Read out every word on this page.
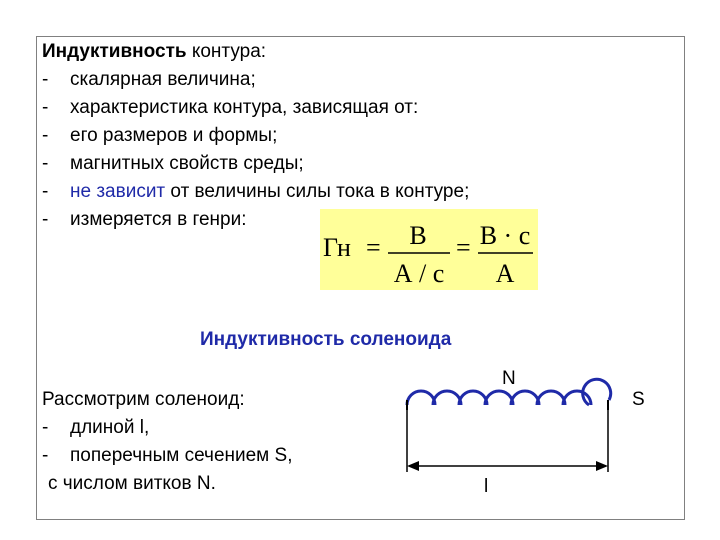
Индуктивность контура:
- скалярная величина;
- характеристика контура, зависящая от:
- его размеров и формы;
- магнитных свойств среды;
- не зависит от величины силы тока в контуре;
- измеряется в генри:
Гн = В
А / с
= В · с
А
Индуктивность соленоида
Рассмотрим соленоид:
- длиной l,
- поперечным сечением S,
с числом витков N.
N
S
l
